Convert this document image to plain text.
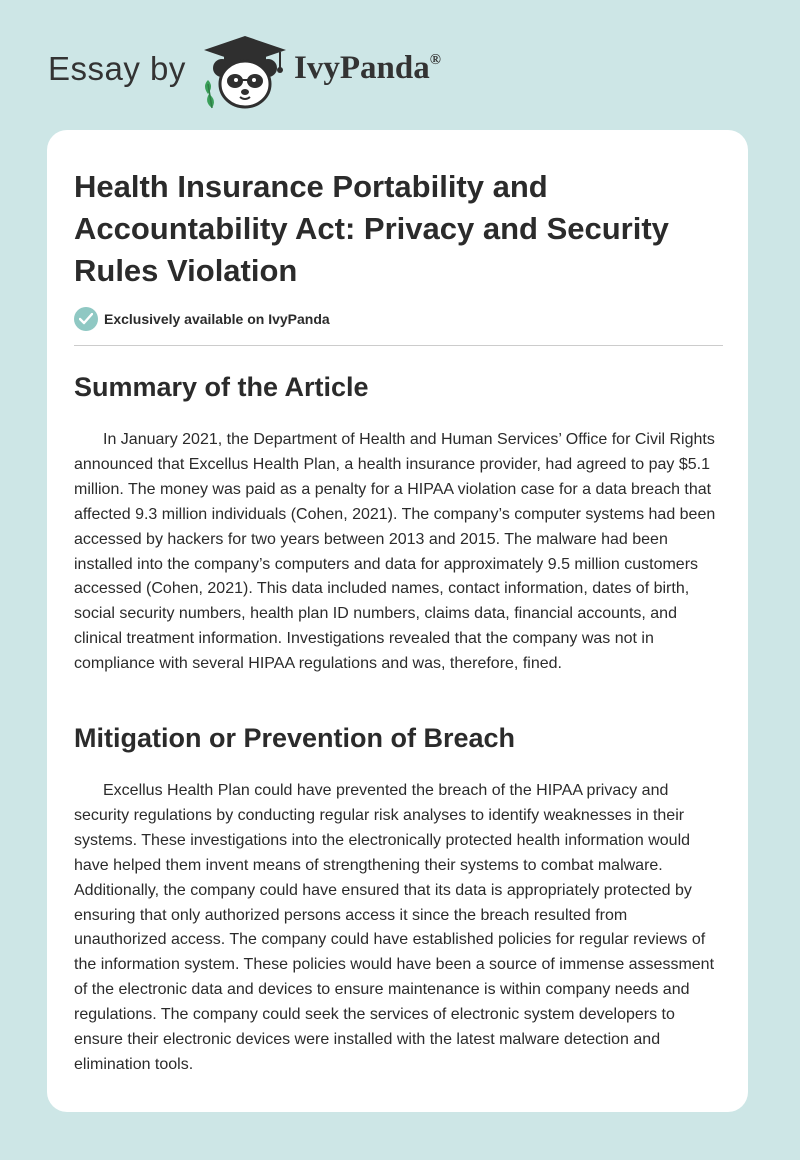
Essay by	IvyPanda®
Health Insurance Portability and Accountability Act: Privacy and Security Rules Violation
Exclusively available on IvyPanda
Summary of the Article

In January 2021, the Department of Health and Human Services’ Office for Civil Rights announced that Excellus Health Plan, a health insurance provider, had agreed to pay $5.1 million. The money was paid as a penalty for a HIPAA violation case for a data breach that affected 9.3 million individuals (Cohen, 2021). The company’s computer systems had been accessed by hackers for two years between 2013 and 2015. The malware had been installed into the company’s computers and data for approximately 9.5 million customers accessed (Cohen, 2021). This data included names, contact information, dates of birth, social security numbers, health plan ID numbers, claims data, financial accounts, and clinical treatment information. Investigations revealed that the company was not in compliance with several HIPAA regulations and was, therefore, fined.

Mitigation or Prevention of Breach

Excellus Health Plan could have prevented the breach of the HIPAA privacy and security regulations by conducting regular risk analyses to identify weaknesses in their systems. These investigations into the electronically protected health information would have helped them invent means of strengthening their systems to combat malware. Additionally, the company could have ensured that its data is appropriately protected by ensuring that only authorized persons access it since the breach resulted from unauthorized access. The company could have established policies for regular reviews of the information system. These policies would have been a source of immense assessment of the electronic data and devices to ensure maintenance is within company needs and regulations. The company could seek the services of electronic system developers to ensure their electronic devices were installed with the latest malware detection and elimination tools.
